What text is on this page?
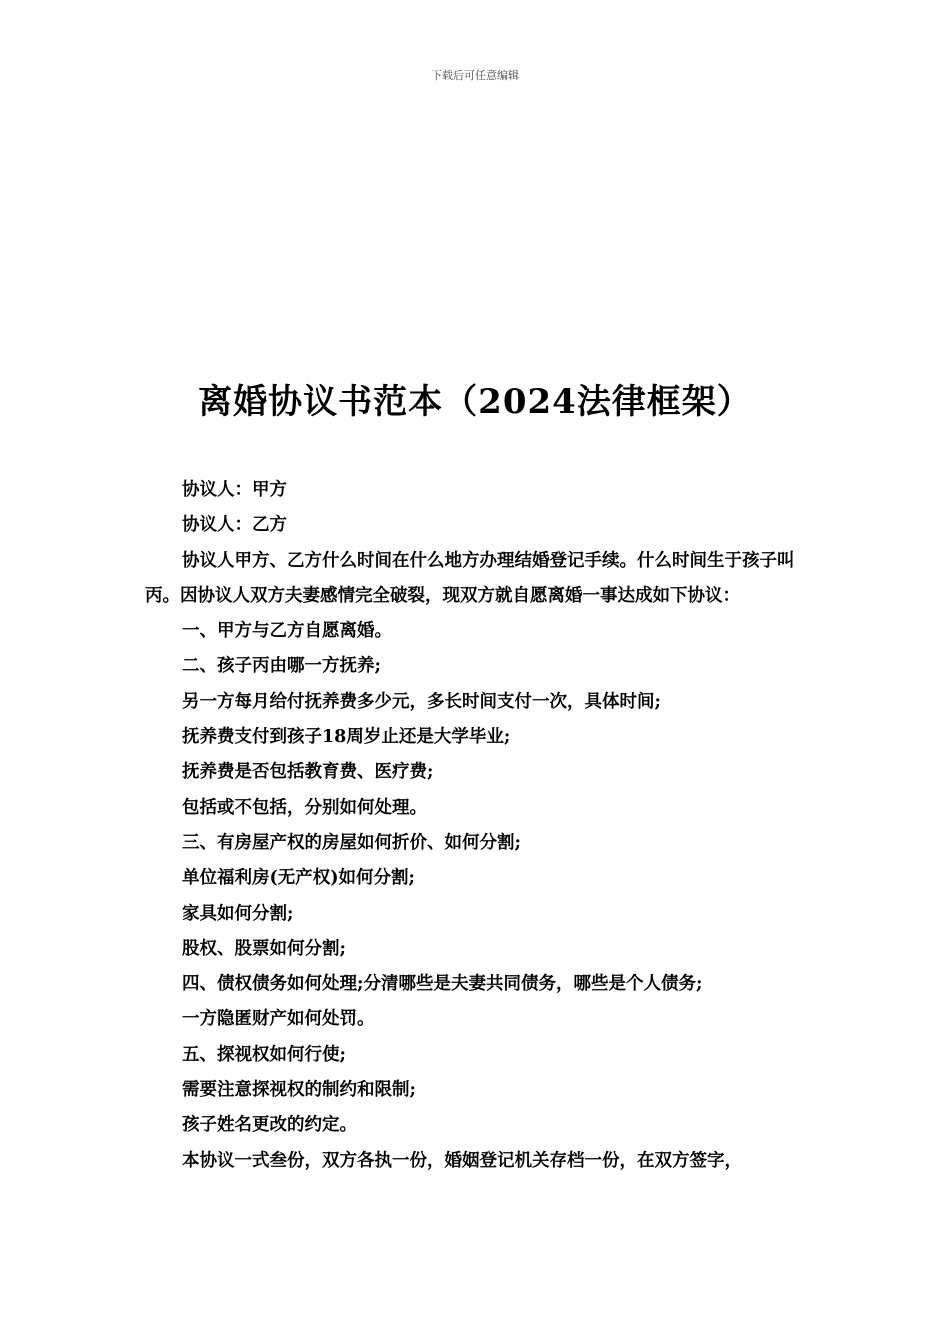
下载后可任意编辑
离婚协议书范本（2024法律框架）

协议人：甲方

协议人：乙方

协议人甲方、乙方什么时间在什么地方办理结婚登记手续。什么时间生于孩子叫丙。因协议人双方夫妻感情完全破裂，现双方就自愿离婚一事达成如下协议：

一、甲方与乙方自愿离婚。

二、孩子丙由哪一方抚养;

另一方每月给付抚养费多少元，多长时间支付一次，具体时间;

抚养费支付到孩子18周岁止还是大学毕业;

抚养费是否包括教育费、医疗费;

包括或不包括，分别如何处理。

三、有房屋产权的房屋如何折价、如何分割;

单位福利房(无产权)如何分割;

家具如何分割;

股权、股票如何分割;

四、债权债务如何处理;分清哪些是夫妻共同债务，哪些是个人债务;

一方隐匿财产如何处罚。

五、探视权如何行使;

需要注意探视权的制约和限制;

孩子姓名更改的约定。

本协议一式叁份，双方各执一份，婚姻登记机关存档一份，在双方签字，
